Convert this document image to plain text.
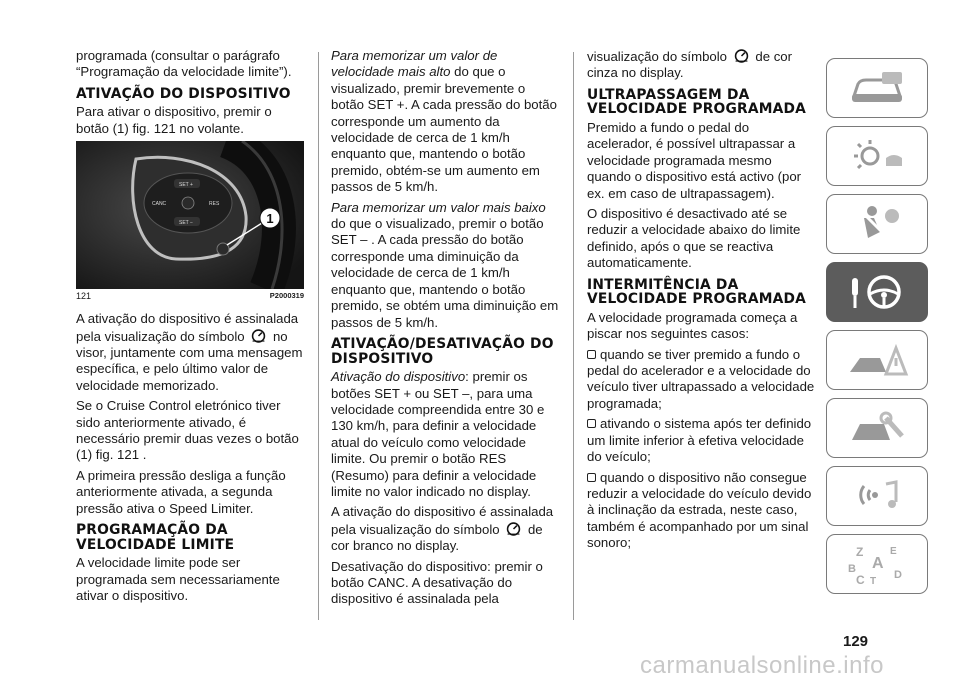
programada (consultar o parágrafo “Programação da velocidade limite”).

ATIVAÇÃO DO DISPOSITIVO

Para ativar o dispositivo, premir o botão (1) fig. 121 no volante.

SET +
CANC	RES
SET −	1
121	P2000319

A ativação do dispositivo é assinalada pela visualização do símbolo no visor, juntamente com uma mensagem específica, e pelo último valor de velocidade memorizado.

Se o Cruise Control eletrónico tiver sido anteriormente ativado, é necessário premir duas vezes o botão (1) fig. 121 .

A primeira pressão desliga a função anteriormente ativada, a segunda pressão ativa o Speed Limiter.

PROGRAMAÇÃO DA VELOCIDADE LIMITE

A velocidade limite pode ser programada sem necessariamente ativar o dispositivo.

Para memorizar um valor de velocidade mais alto do que o visualizado, premir brevemente o botão SET +. A cada pressão do botão corresponde um aumento da velocidade de cerca de 1 km/h enquanto que, mantendo o botão premido, obtém-se um aumento em passos de 5 km/h.

Para memorizar um valor mais baixo do que o visualizado, premir o botão SET – . A cada pressão do botão corresponde uma diminuição da velocidade de cerca de 1 km/h enquanto que, mantendo o botão premido, se obtém uma diminuição em passos de 5 km/h.

ATIVAÇÃO/DESATIVAÇÃO DO DISPOSITIVO

Ativação do dispositivo: premir os botões SET + ou SET –, para uma velocidade compreendida entre 30 e 130 km/h, para definir a velocidade atual do veículo como velocidade limite. Ou premir o botão RES (Resumo) para definir a velocidade limite no valor indicado no display.

A ativação do dispositivo é assinalada pela visualização do símbolo de cor branco no display.

Desativação do dispositivo: premir o botão CANC. A desativação do dispositivo é assinalada pela

visualização do símbolo de cor cinza no display.

ULTRAPASSAGEM DA VELOCIDADE PROGRAMADA

Premido a fundo o pedal do acelerador, é possível ultrapassar a velocidade programada mesmo quando o dispositivo está activo (por ex. em caso de ultrapassagem).

O dispositivo é desactivado até se reduzir a velocidade abaixo do limite definido, após o que se reactiva automaticamente.

INTERMITÊNCIA DA VELOCIDADE PROGRAMADA

A velocidade programada começa a piscar nos seguintes casos:

quando se tiver premido a fundo o pedal do acelerador e a velocidade do veículo tiver ultrapassado a velocidade programada;

ativando o sistema após ter definido um limite inferior à efetiva velocidade do veículo;

quando o dispositivo não consegue reduzir a velocidade do veículo devido à inclinação da estrada, neste caso, também é acompanhado por um sinal sonoro;

Z	E
A
B
C T
D
129
carmanualsonline.info
